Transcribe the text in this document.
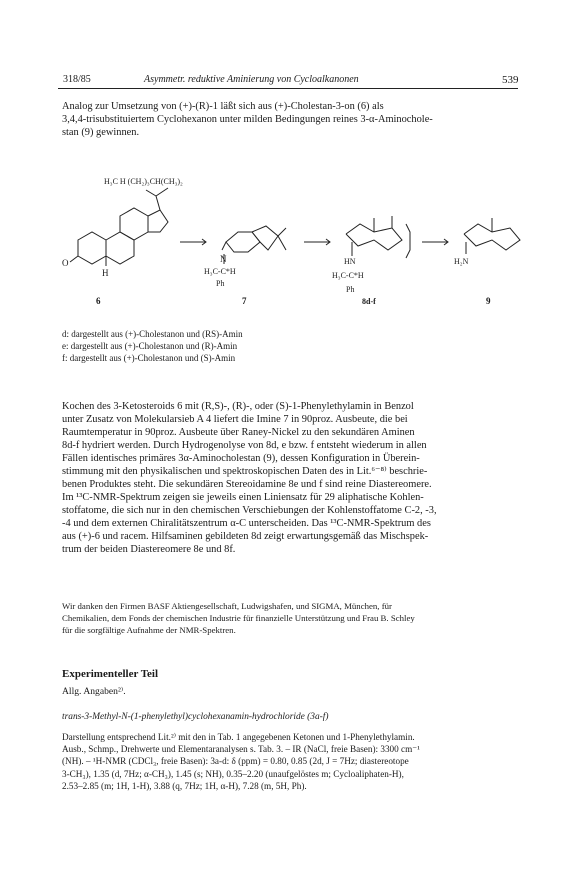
318/85	Asymmetr. reduktive Aminierung von Cycloalkanonen	539
Analog zur Umsetzung von (+)-(R)-1 läßt sich aus (+)-Cholestan-3-on (6) als
3,4,4-trisubstituiertem Cyclohexanon unter milden Bedingungen reines 3-α-Aminochole-
stan (9) gewinnen.
H₃C H (CH₂)₃CH(CH₃)₂
O
H
N
H₃C-C*H
Ph
HN
H₃C-C*H
Ph
H₂N
6	7	8d-f	9
d: dargestellt aus (+)-Cholestanon und (RS)-Amin
e: dargestellt aus (+)-Cholestanon und (R)-Amin
f: dargestellt aus (+)-Cholestanon und (S)-Amin
Kochen des 3-Ketosteroids 6 mit (R,S)-, (R)-, oder (S)-1-Phenylethylamin in Benzol
unter Zusatz von Molekularsieb A 4 liefert die Imine 7 in 90proz. Ausbeute, die bei
Raumtemperatur in 90proz. Ausbeute über Raney-Nickel zu den sekundären Aminen
8d-f hydriert werden. Durch Hydrogenolyse von 8d, e bzw. f entsteht wiederum in allen
Fällen identisches primäres 3α-Aminocholestan (9), dessen Konfiguration in Überein-
stimmung mit den physikalischen und spektroskopischen Daten des in Lit.⁶⁻⁸⁾ beschrie-
benen Produktes steht. Die sekundären Stereoidamine 8e und f sind reine Diastereomere.
Im ¹³C-NMR-Spektrum zeigen sie jeweils einen Liniensatz für 29 aliphatische Kohlen-
stoffatome, die sich nur in den chemischen Verschiebungen der Kohlenstoffatome C-2, -3,
-4 und dem externen Chiralitätszentrum α-C unterscheiden. Das ¹³C-NMR-Spektrum des
aus (+)-6 und racem. Hilfsaminen gebildeten 8d zeigt erwartungsgemäß das Mischspek-
trum der beiden Diastereomere 8e und 8f.
Wir danken den Firmen BASF Aktiengesellschaft, Ludwigshafen, und SIGMA, München, für
Chemikalien, dem Fonds der chemischen Industrie für finanzielle Unterstützung und Frau B. Schley
für die sorgfältige Aufnahme der NMR-Spektren.
Experimenteller Teil
Allg. Angaben²⁾.
trans-3-Methyl-N-(1-phenylethyl)cyclohexanamin-hydrochloride (3a-f)
Darstellung entsprechend Lit.²⁾ mit den in Tab. 1 angegebenen Ketonen und 1-Phenylethylamin.
Ausb., Schmp., Drehwerte und Elementaranalysen s. Tab. 3. – IR (NaCl, freie Basen): 3300 cm⁻¹
(NH). – ¹H-NMR (CDCl₃, freie Basen): 3a-d: δ (ppm) = 0.80, 0.85 (2d, J = 7Hz; diastereotope
3-CH₃), 1.35 (d, 7Hz; α-CH₃), 1.45 (s; NH), 0.35–2.20 (unaufgelöstes m; Cycloaliphaten-H),
2.53–2.85 (m; 1H, 1-H), 3.88 (q, 7Hz; 1H, α-H), 7.28 (m, 5H, Ph).
